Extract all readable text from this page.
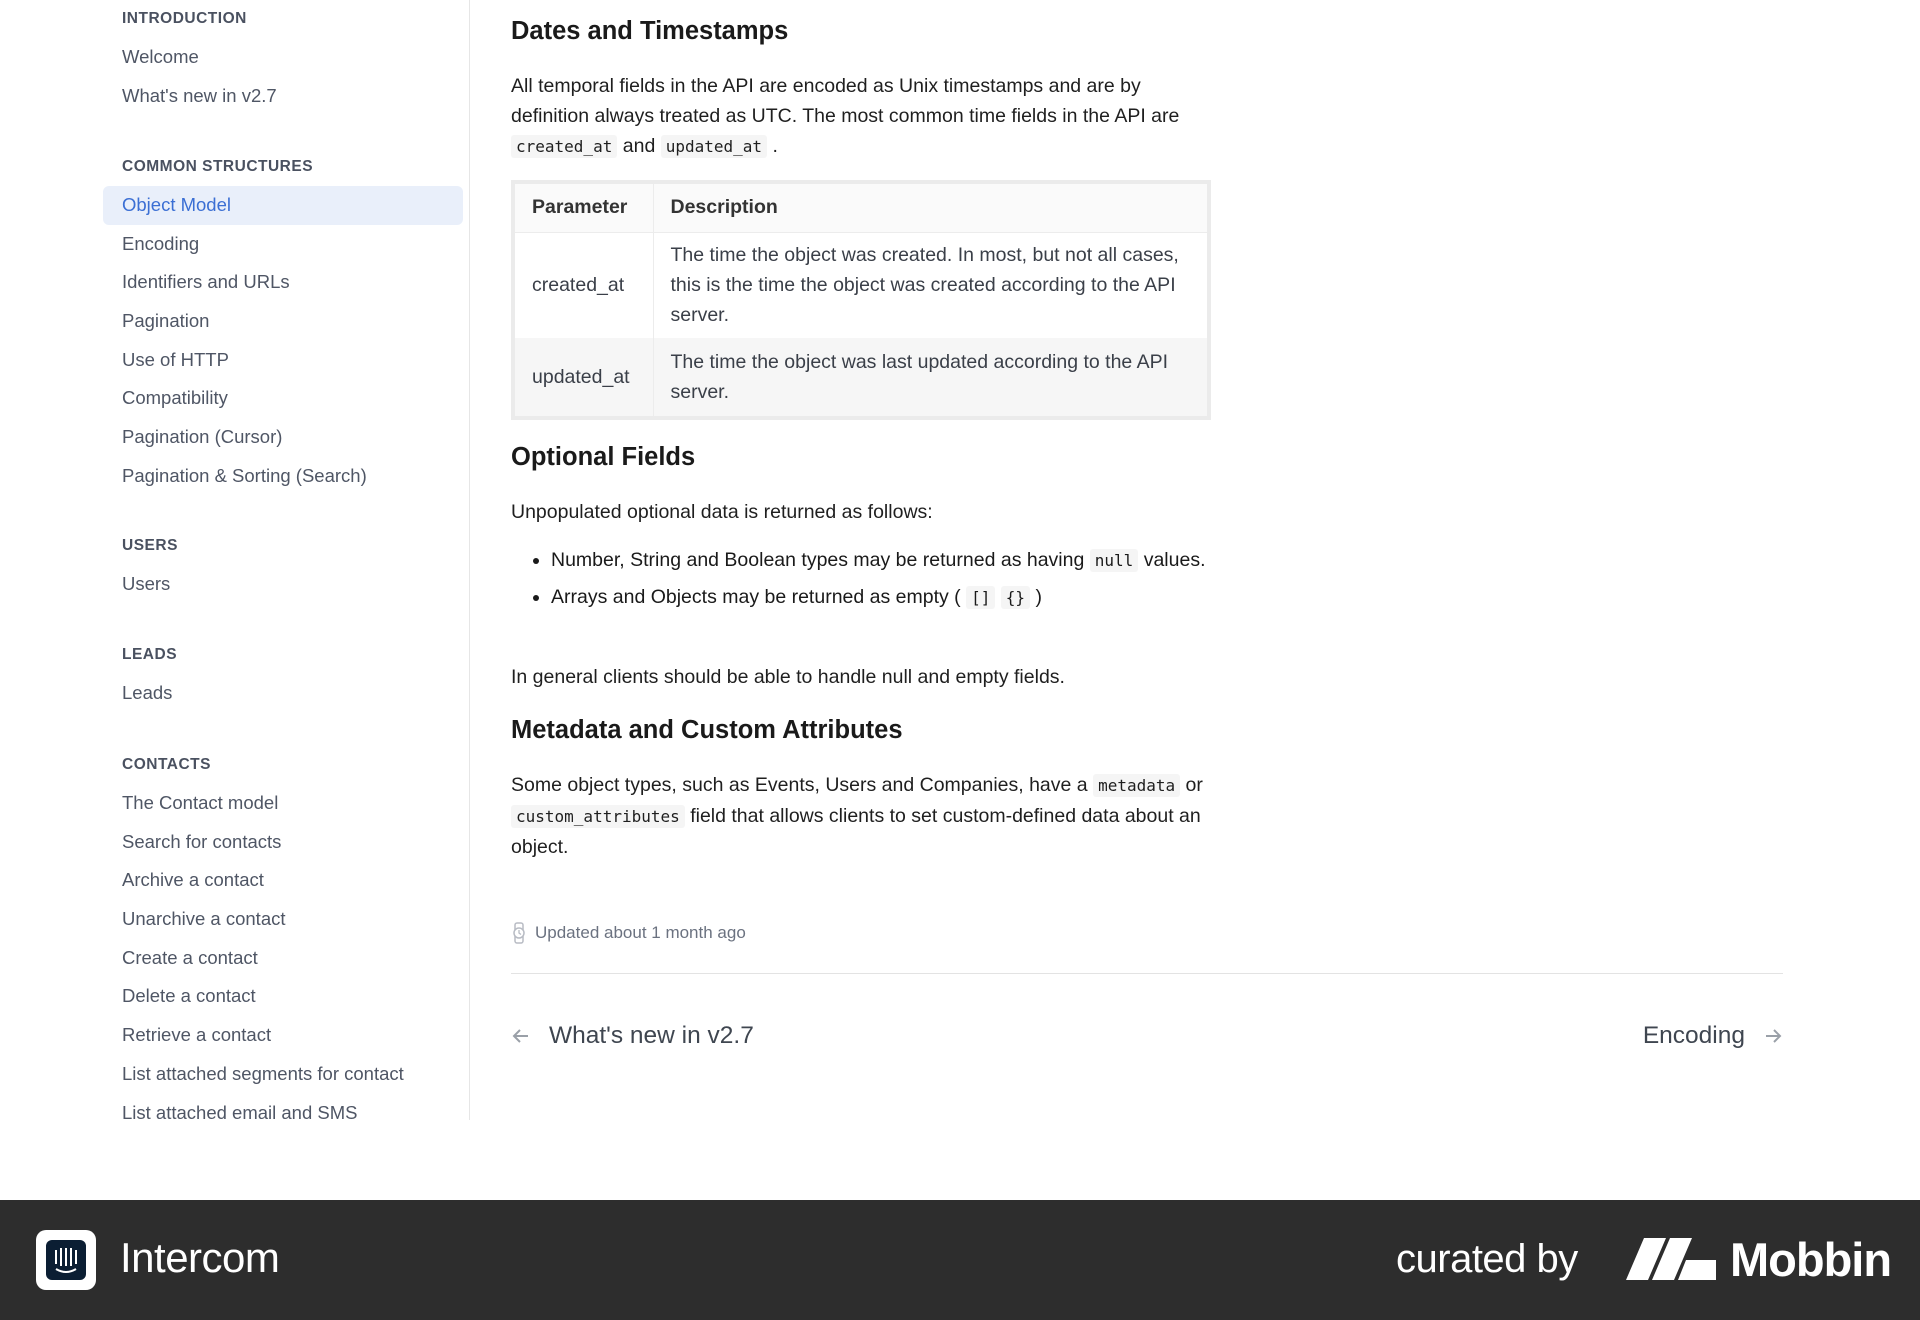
INTRODUCTION
Welcome
What's new in v2.7
COMMON STRUCTURES
Object Model
Encoding
Identifiers and URLs
Pagination
Use of HTTP
Compatibility
Pagination (Cursor)
Pagination & Sorting (Search)
USERS
Users
LEADS
Leads
CONTACTS
The Contact model
Search for contacts
Archive a contact
Unarchive a contact
Create a contact
Delete a contact
Retrieve a contact
List attached segments for contact
List attached email and SMS
Dates and Timestamps
All temporal fields in the API are encoded as Unix timestamps and are by definition always treated as UTC. The most common time fields in the API are created_at and updated_at .
Parameter	Description
created_at	The time the object was created. In most, but not all cases, this is the time the object was created according to the API server.
updated_at	The time the object was last updated according to the API server.
Optional Fields
Unpopulated optional data is returned as follows:
• Number, String and Boolean types may be returned as having null values.
• Arrays and Objects may be returned as empty ( [] {} )
In general clients should be able to handle null and empty fields.
Metadata and Custom Attributes
Some object types, such as Events, Users and Companies, have a metadata or custom_attributes field that allows clients to set custom-defined data about an object.
Updated about 1 month ago
What's new in v2.7	Encoding
Intercom	curated by	Mobbin
